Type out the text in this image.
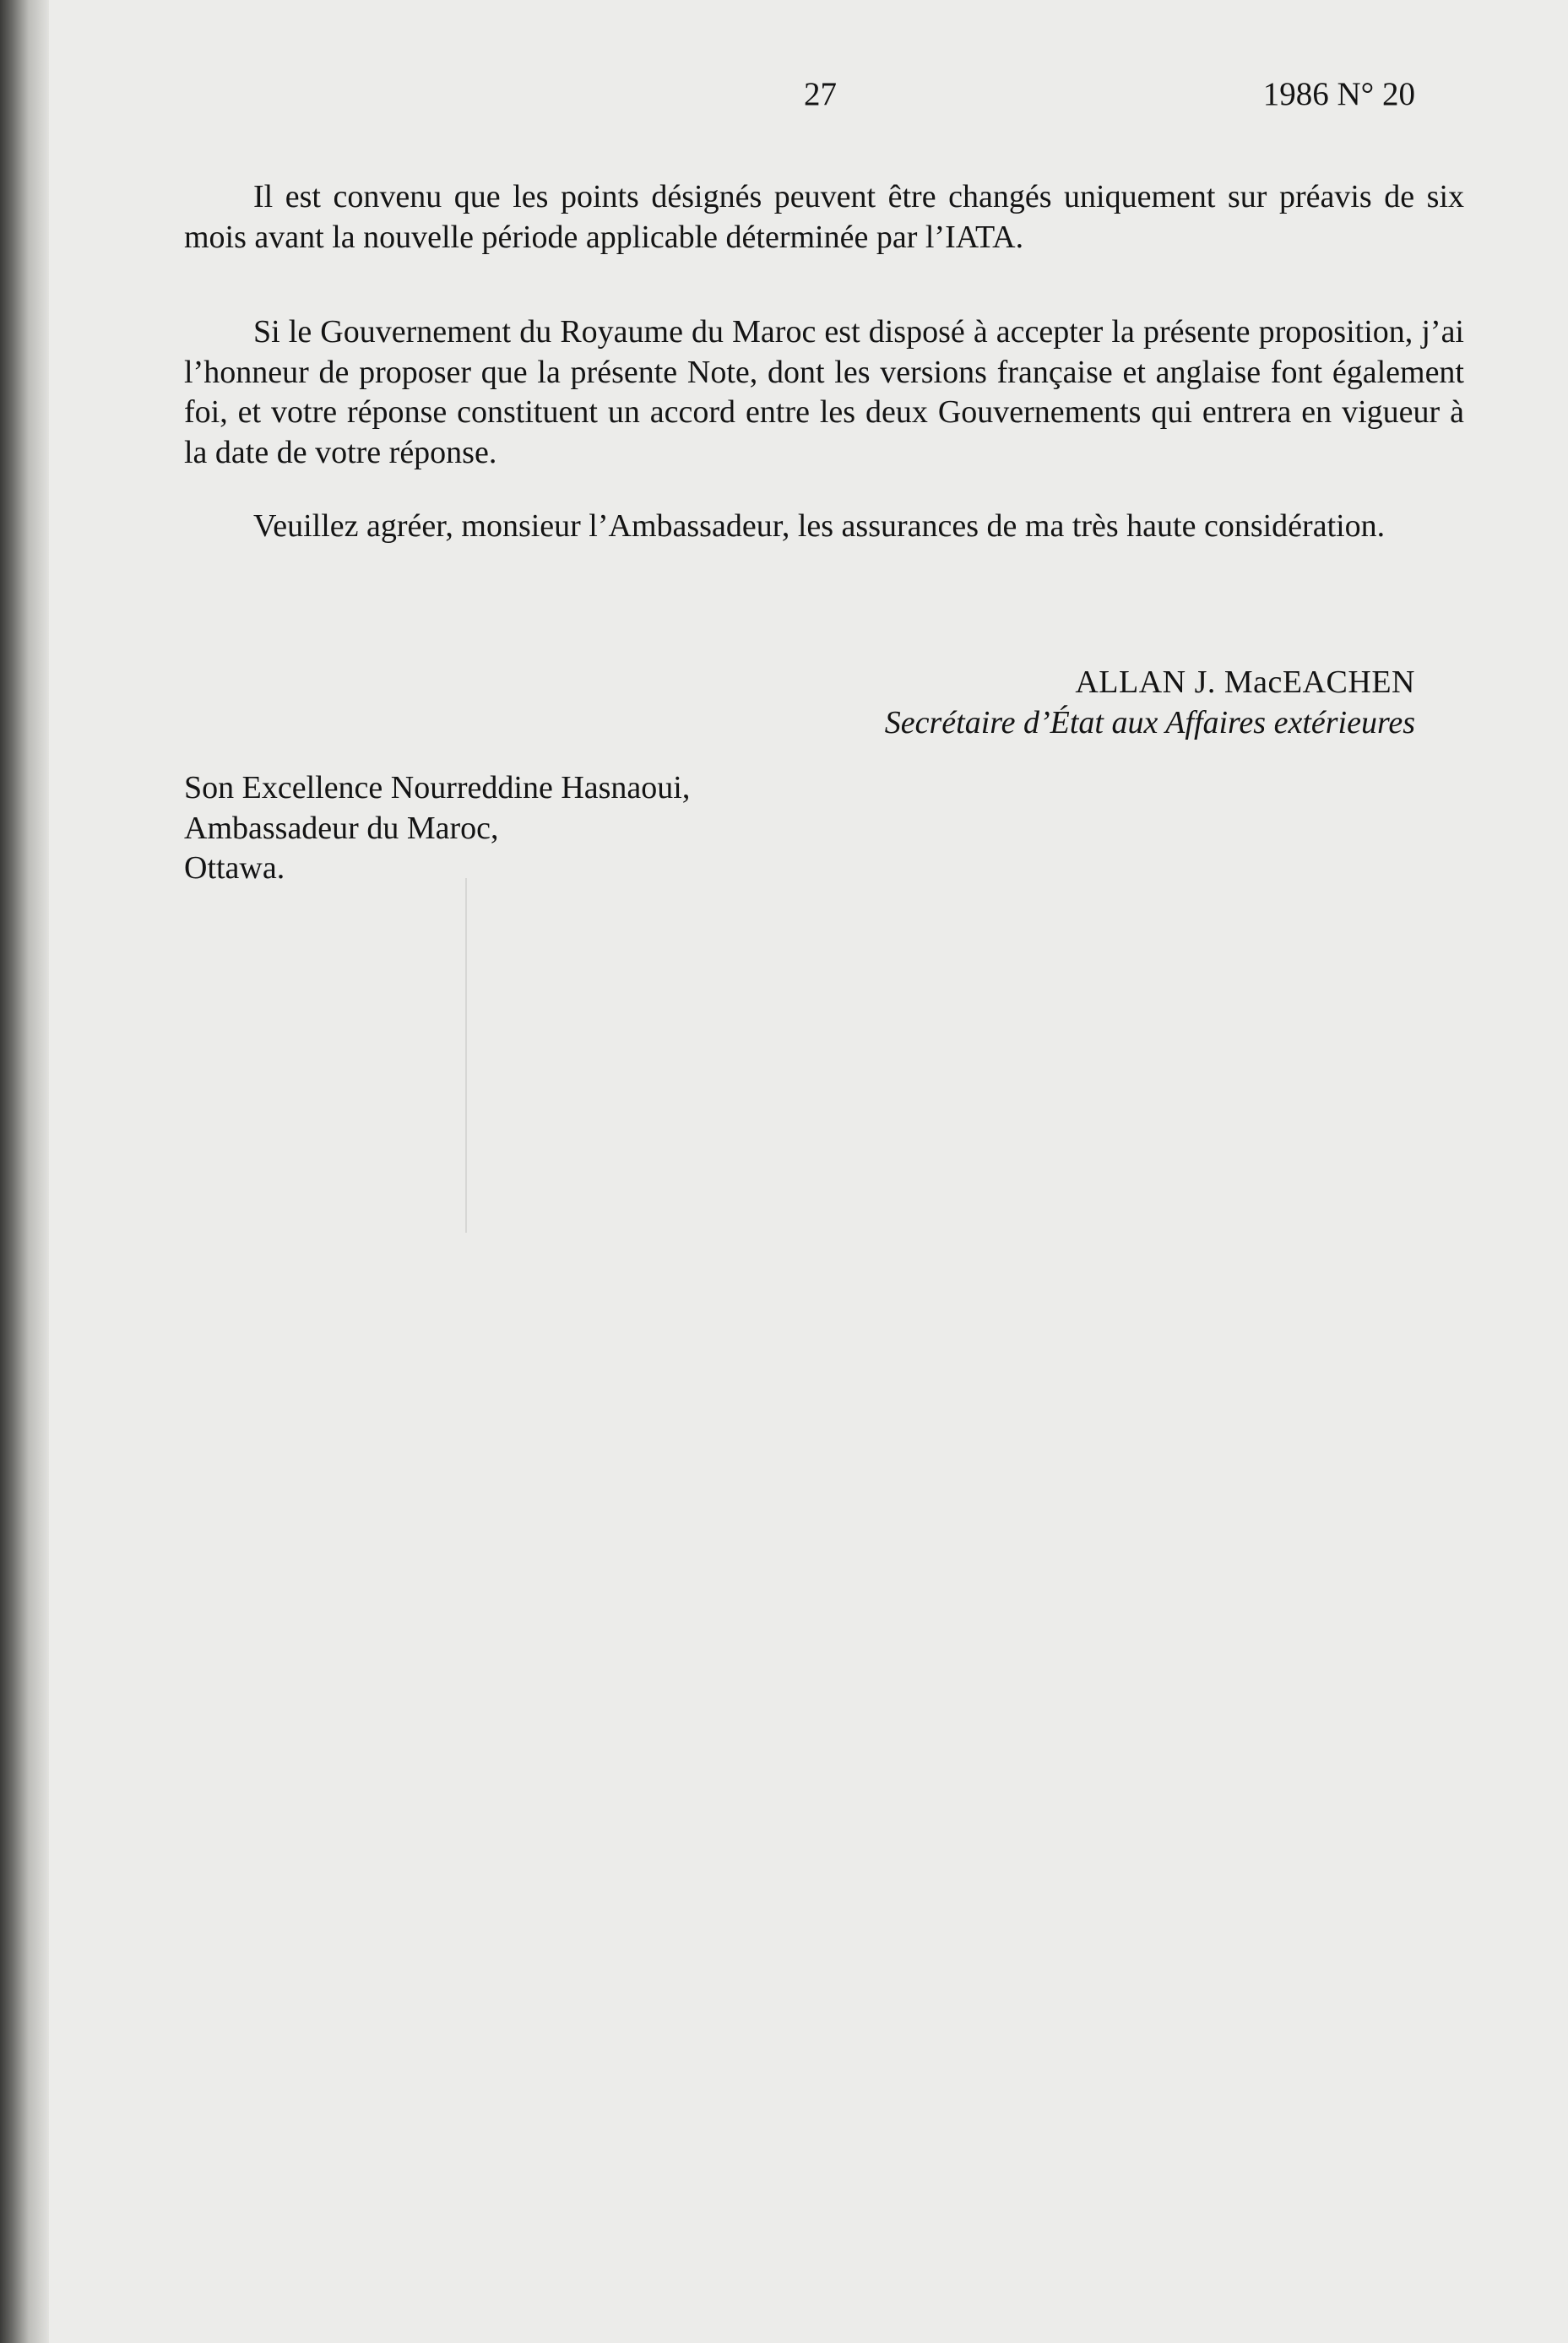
27	1986 N° 20

Il est convenu que les points désignés peuvent être changés uniquement sur préavis de six mois avant la nouvelle période applicable déterminée par l’IATA.

Si le Gouvernement du Royaume du Maroc est disposé à accepter la présente proposition, j’ai l’honneur de proposer que la présente Note, dont les versions française et anglaise font également foi, et votre réponse constituent un accord entre les deux Gouvernements qui entrera en vigueur à la date de votre réponse.

Veuillez agréer, monsieur l’Ambassadeur, les assurances de ma très haute considération.

ALLAN J. MacEACHEN
Secrétaire d’État aux Affaires extérieures
Son Excellence Nourreddine Hasnaoui,
Ambassadeur du Maroc,
Ottawa.
